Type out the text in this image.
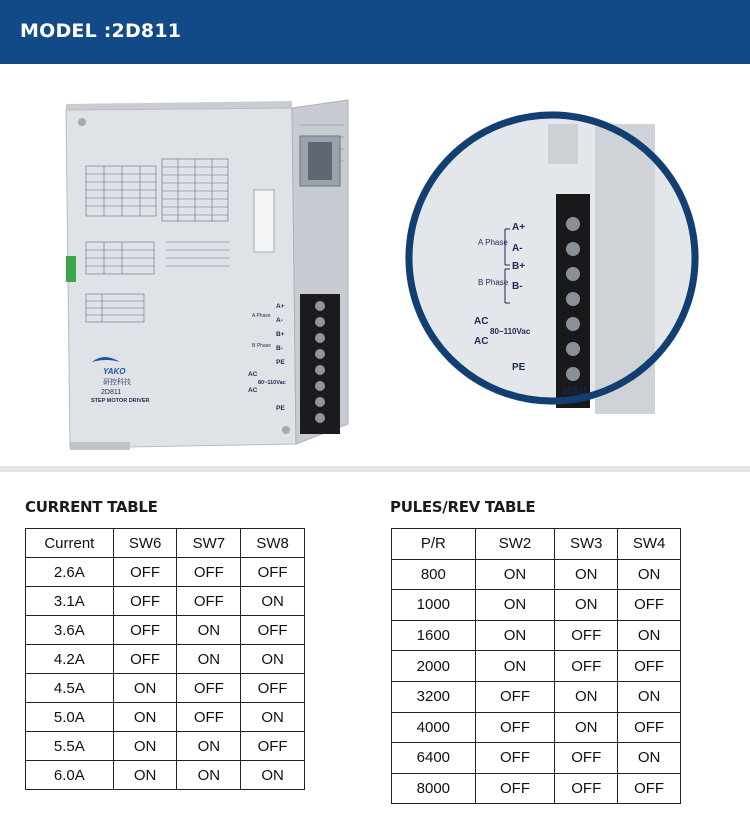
MODEL :2D811
YAKO
研控科技
2D811
STEP MOTOR DRIVER
A Phase
B Phase
A+
A-
B+
B-
PE
AC
80~110Vac
AC
PE
A Phase
B Phase
A+
A-
B+
B-
AC
80~110Vac
AC
PE
2D811
CURRENT TABLE	PULES/REV TABLE
Current	SW6	SW7	SW8
2.6A	OFF	OFF	OFF
3.1A	OFF	OFF	ON
3.6A	OFF	ON	OFF
4.2A	OFF	ON	ON
4.5A	ON	OFF	OFF
5.0A	ON	OFF	ON
5.5A	ON	ON	OFF
6.0A	ON	ON	ON
P/R	SW2	SW3	SW4
800	ON	ON	ON
1000	ON	ON	OFF
1600	ON	OFF	ON
2000	ON	OFF	OFF
3200	OFF	ON	ON
4000	OFF	ON	OFF
6400	OFF	OFF	ON
8000	OFF	OFF	OFF
